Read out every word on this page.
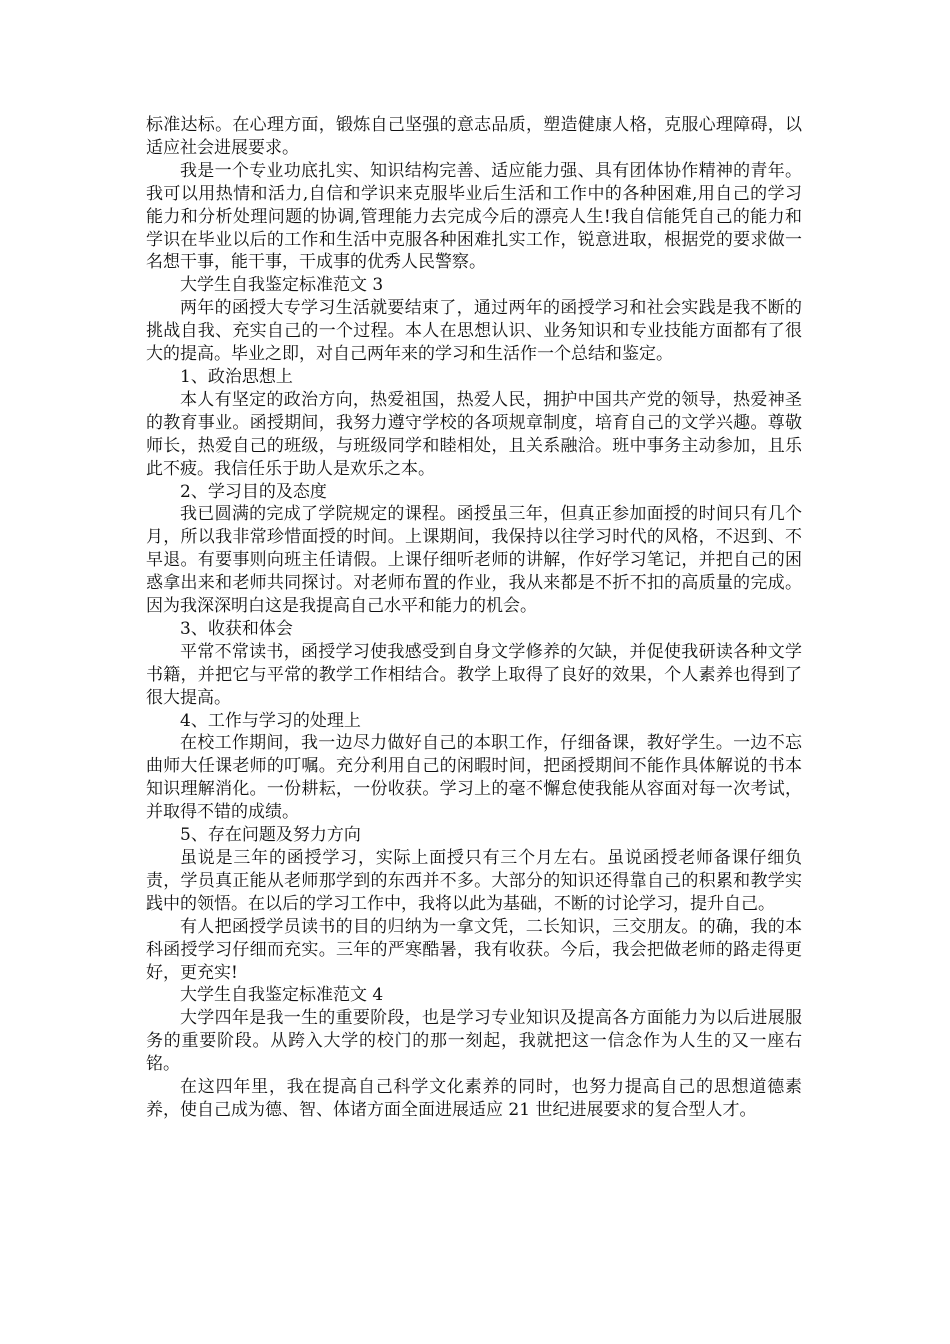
标准达标。在心理方面，锻炼自己坚强的意志品质，塑造健康人格，克服心理障碍，以适应社会进展要求。

我是一个专业功底扎实、知识结构完善、适应能力强、具有团体协作精神的青年。我可以用热情和活力,自信和学识来克服毕业后生活和工作中的各种困难,用自己的学习能力和分析处理问题的协调,管理能力去完成今后的漂亮人生!我自信能凭自己的能力和学识在毕业以后的工作和生活中克服各种困难扎实工作，锐意进取，根据党的要求做一名想干事，能干事，干成事的优秀人民警察。

大学生自我鉴定标准范文 3

两年的函授大专学习生活就要结束了，通过两年的函授学习和社会实践是我不断的挑战自我、充实自己的一个过程。本人在思想认识、业务知识和专业技能方面都有了很大的提高。毕业之即，对自己两年来的学习和生活作一个总结和鉴定。

1、政治思想上

本人有坚定的政治方向，热爱祖国，热爱人民，拥护中国共产党的领导，热爱神圣的教育事业。函授期间，我努力遵守学校的各项规章制度，培育自己的文学兴趣。尊敬师长，热爱自己的班级，与班级同学和睦相处，且关系融洽。班中事务主动参加，且乐此不疲。我信任乐于助人是欢乐之本。

2、学习目的及态度

我已圆满的完成了学院规定的课程。函授虽三年，但真正参加面授的时间只有几个月，所以我非常珍惜面授的时间。上课期间，我保持以往学习时代的风格，不迟到、不早退。有要事则向班主任请假。上课仔细听老师的讲解，作好学习笔记，并把自己的困惑拿出来和老师共同探讨。对老师布置的作业，我从来都是不折不扣的高质量的完成。因为我深深明白这是我提高自己水平和能力的机会。

3、收获和体会

平常不常读书，函授学习使我感受到自身文学修养的欠缺，并促使我研读各种文学书籍，并把它与平常的教学工作相结合。教学上取得了良好的效果，个人素养也得到了很大提高。

4、工作与学习的处理上

在校工作期间，我一边尽力做好自己的本职工作，仔细备课，教好学生。一边不忘曲师大任课老师的叮嘱。充分利用自己的闲暇时间，把函授期间不能作具体解说的书本知识理解消化。一份耕耘，一份收获。学习上的毫不懈怠使我能从容面对每一次考试，并取得不错的成绩。

5、存在问题及努力方向

虽说是三年的函授学习，实际上面授只有三个月左右。虽说函授老师备课仔细负责，学员真正能从老师那学到的东西并不多。大部分的知识还得靠自己的积累和教学实践中的领悟。在以后的学习工作中，我将以此为基础，不断的讨论学习，提升自己。

有人把函授学员读书的目的归纳为一拿文凭，二长知识，三交朋友。的确，我的本科函授学习仔细而充实。三年的严寒酷暑，我有收获。今后，我会把做老师的路走得更好，更充实!

大学生自我鉴定标准范文 4

大学四年是我一生的重要阶段，也是学习专业知识及提高各方面能力为以后进展服务的重要阶段。从跨入大学的校门的那一刻起，我就把这一信念作为人生的又一座右铭。

在这四年里，我在提高自己科学文化素养的同时，也努力提高自己的思想道德素养，使自己成为德、智、体诸方面全面进展适应 21 世纪进展要求的复合型人才。
